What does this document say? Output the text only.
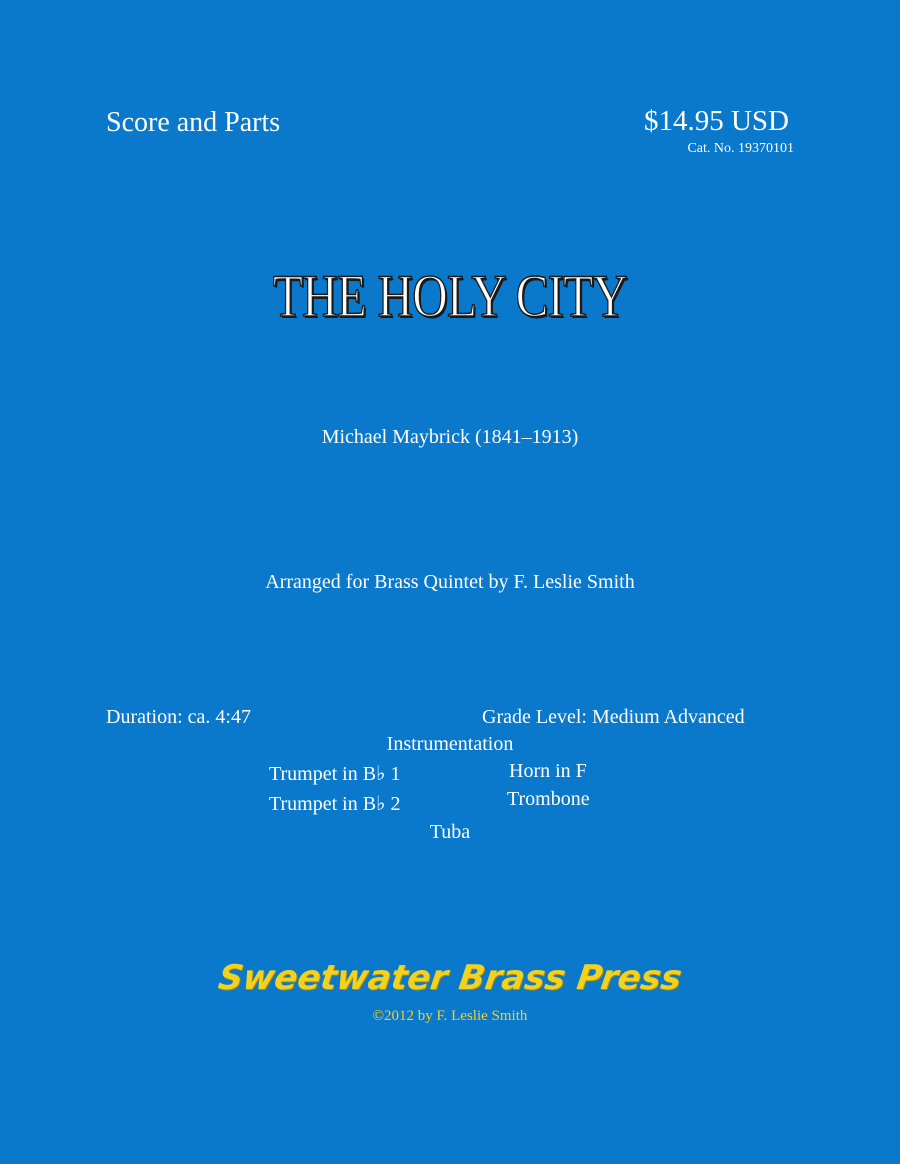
Score and Parts	$14.95 USD
Cat. No. 19370101
THE HOLY CITY
Michael Maybrick (1841–1913)
Arranged for Brass Quintet by F. Leslie Smith
Duration: ca. 4:47	Grade Level: Medium Advanced
Instrumentation
Trumpet in B♭ 1
Trumpet in B♭ 2
Horn in F
Trombone
Tuba
Sweetwater Brass Press
©2012 by F. Leslie Smith
